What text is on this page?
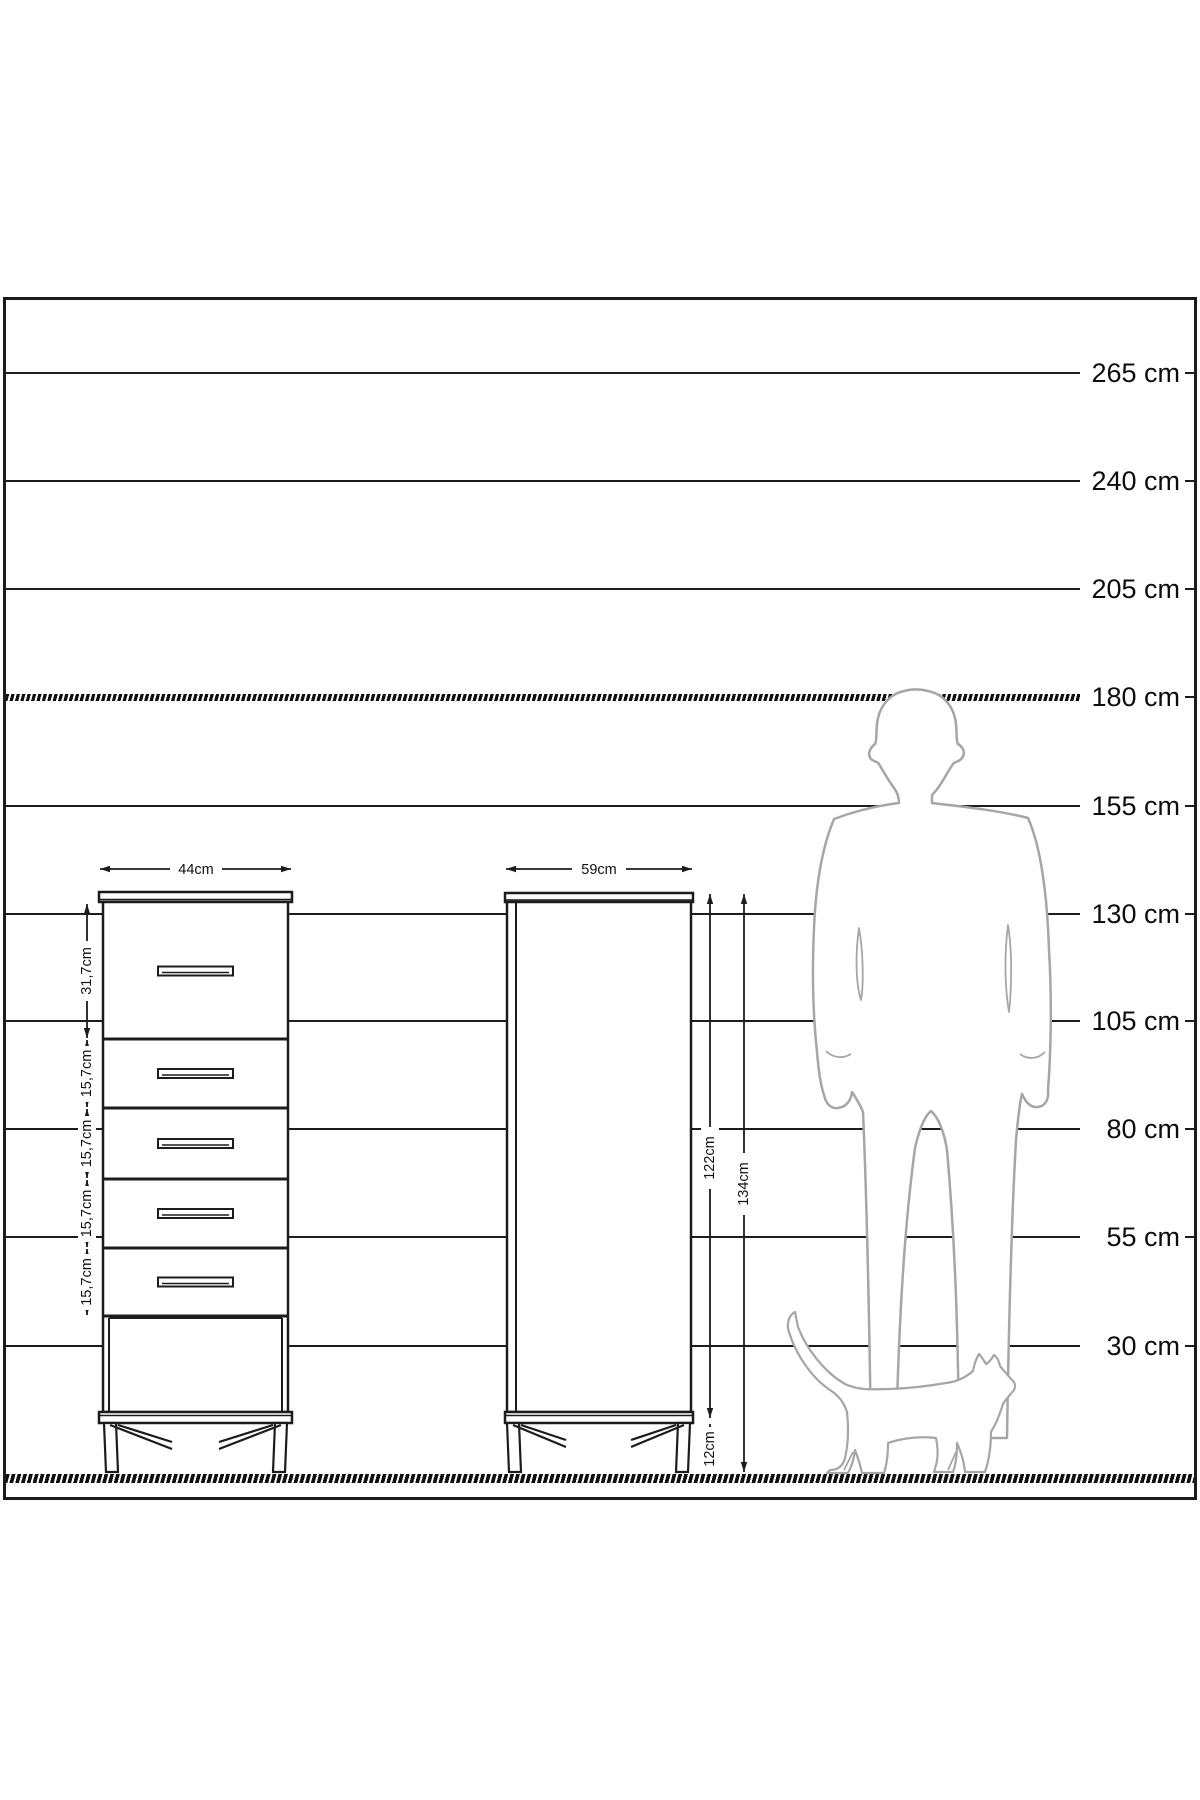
265 cm
240 cm
205 cm
180 cm
155 cm
130 cm
105 cm
80 cm
55 cm
30 cm
44cm	59cm
31,7cm
15,7cm
15,7cm
15,7cm
15,7cm
122cm
134cm
12cm
